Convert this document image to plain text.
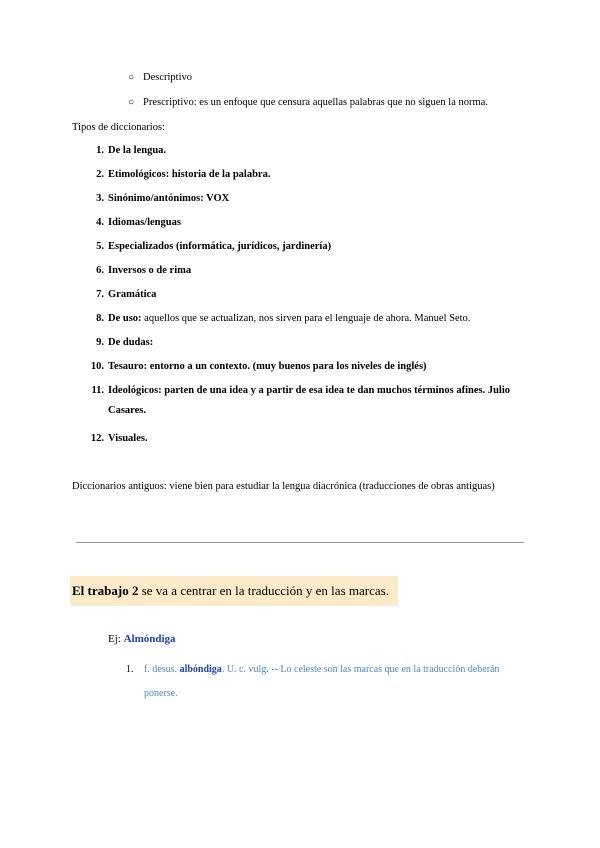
○ Descriptivo
○ Prescriptivo: es un enfoque que censura aquellas palabras que no siguen la norma.
Tipos de diccionarios:
1. De la lengua.
2. Etimológicos: historia de la palabra.
3. Sinónimo/antónimos: VOX
4. Idiomas/lenguas
5. Especializados (informática, jurídicos, jardinería)
6. Inversos o de rima
7. Gramática
8. De uso: aquellos que se actualizan, nos sirven para el lenguaje de ahora. Manuel Seto.
9. De dudas:
10. Tesauro: entorno a un contexto. (muy buenos para los niveles de inglés)
11. Ideológicos: parten de una idea y a partir de esa idea te dan muchos términos afines. Julio Casares.
12. Visuales.
Diccionarios antiguos: viene bien para estudiar la lengua diacrónica (traducciones de obras antiguas)
El trabajo 2 se va a centrar en la traducción y en las marcas.
Ej: Almóndiga
1. f. desus. albóndiga. U. c. vulg. -- Lo celeste son las marcas que en la traducción deberán ponerse.
